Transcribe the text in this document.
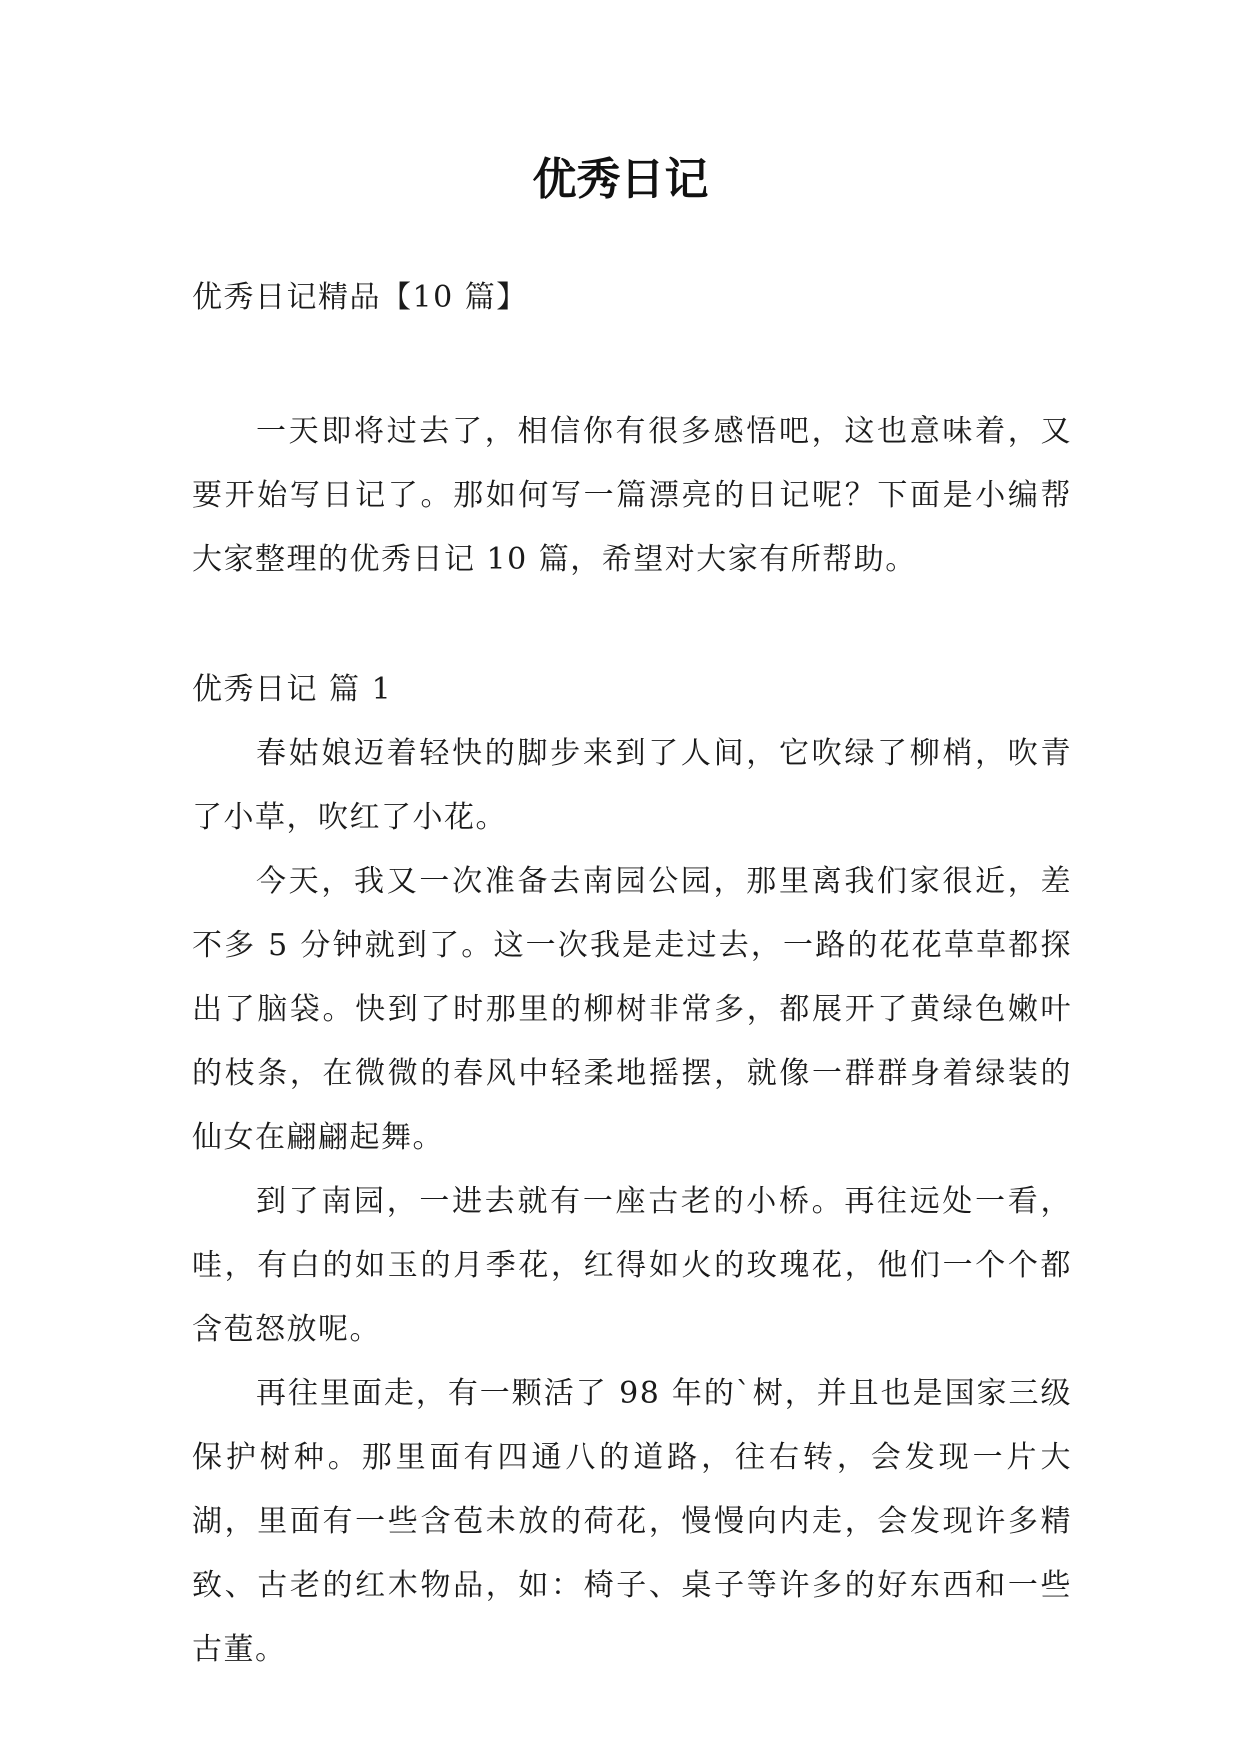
优秀日记

优秀日记精品【10 篇】

一天即将过去了，相信你有很多感悟吧，这也意味着，又要开始写日记了。那如何写一篇漂亮的日记呢？下面是小编帮大家整理的优秀日记 10 篇，希望对大家有所帮助。

优秀日记 篇 1

春姑娘迈着轻快的脚步来到了人间，它吹绿了柳梢，吹青了小草，吹红了小花。

今天，我又一次准备去南园公园，那里离我们家很近，差不多 5 分钟就到了。这一次我是走过去，一路的花花草草都探出了脑袋。快到了时那里的柳树非常多，都展开了黄绿色嫩叶的枝条，在微微的春风中轻柔地摇摆，就像一群群身着绿装的仙女在翩翩起舞。

到了南园，一进去就有一座古老的小桥。再往远处一看，哇，有白的如玉的月季花，红得如火的玫瑰花，他们一个个都含苞怒放呢。

再往里面走，有一颗活了 98 年的`树，并且也是国家三级保护树种。那里面有四通八的道路，往右转，会发现一片大湖，里面有一些含苞未放的荷花，慢慢向内走，会发现许多精致、古老的红木物品，如：椅子、桌子等许多的好东西和一些古董。
